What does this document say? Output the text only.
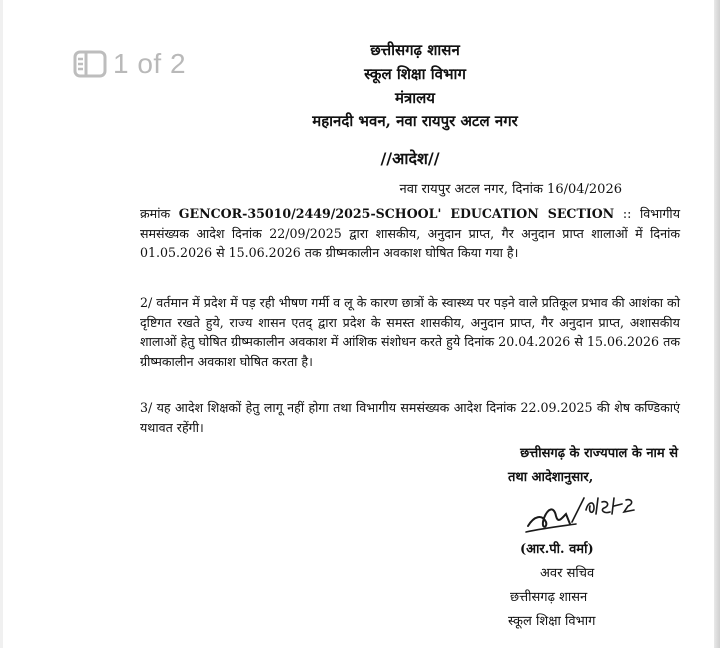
1 of 2	छत्तीसगढ़ शासन
स्कूल शिक्षा विभाग
मंत्रालय
महानदी भवन, नवा रायपुर अटल नगर
//आदेश//
नवा रायपुर अटल नगर, दिनांक 16/04/2026
क्रमांक GENCOR-35010/2449/2025-SCHOOL' EDUCATION SECTION :: विभागीय समसंख्यक आदेश दिनांक 22/09/2025 द्वारा शासकीय, अनुदान प्राप्त, गैर अनुदान प्राप्त शालाओं में दिनांक 01.05.2026 से 15.06.2026 तक ग्रीष्मकालीन अवकाश घोषित किया गया है।
2/ वर्तमान में प्रदेश में पड़ रही भीषण गर्मी व लू के कारण छात्रों के स्वास्थ्य पर पड़ने वाले प्रतिकूल प्रभाव की आशंका को दृष्टिगत रखते हुये, राज्य शासन एतद् द्वारा प्रदेश के समस्त शासकीय, अनुदान प्राप्त, गैर अनुदान प्राप्त, अशासकीय शालाओं हेतु घोषित ग्रीष्मकालीन अवकाश में आंशिक संशोधन करते हुये दिनांक 20.04.2026 से 15.06.2026 तक ग्रीष्मकालीन अवकाश घोषित करता है।
3/ यह आदेश शिक्षकों हेतु लागू नहीं होगा तथा विभागीय समसंख्यक आदेश दिनांक 22.09.2025 की शेष कण्डिकाएं यथावत रहेंगी।
छत्तीसगढ़ के राज्यपाल के नाम से
तथा आदेशानुसार,
(आर.पी. वर्मा)
अवर सचिव
छत्तीसगढ़ शासन
स्कूल शिक्षा विभाग
